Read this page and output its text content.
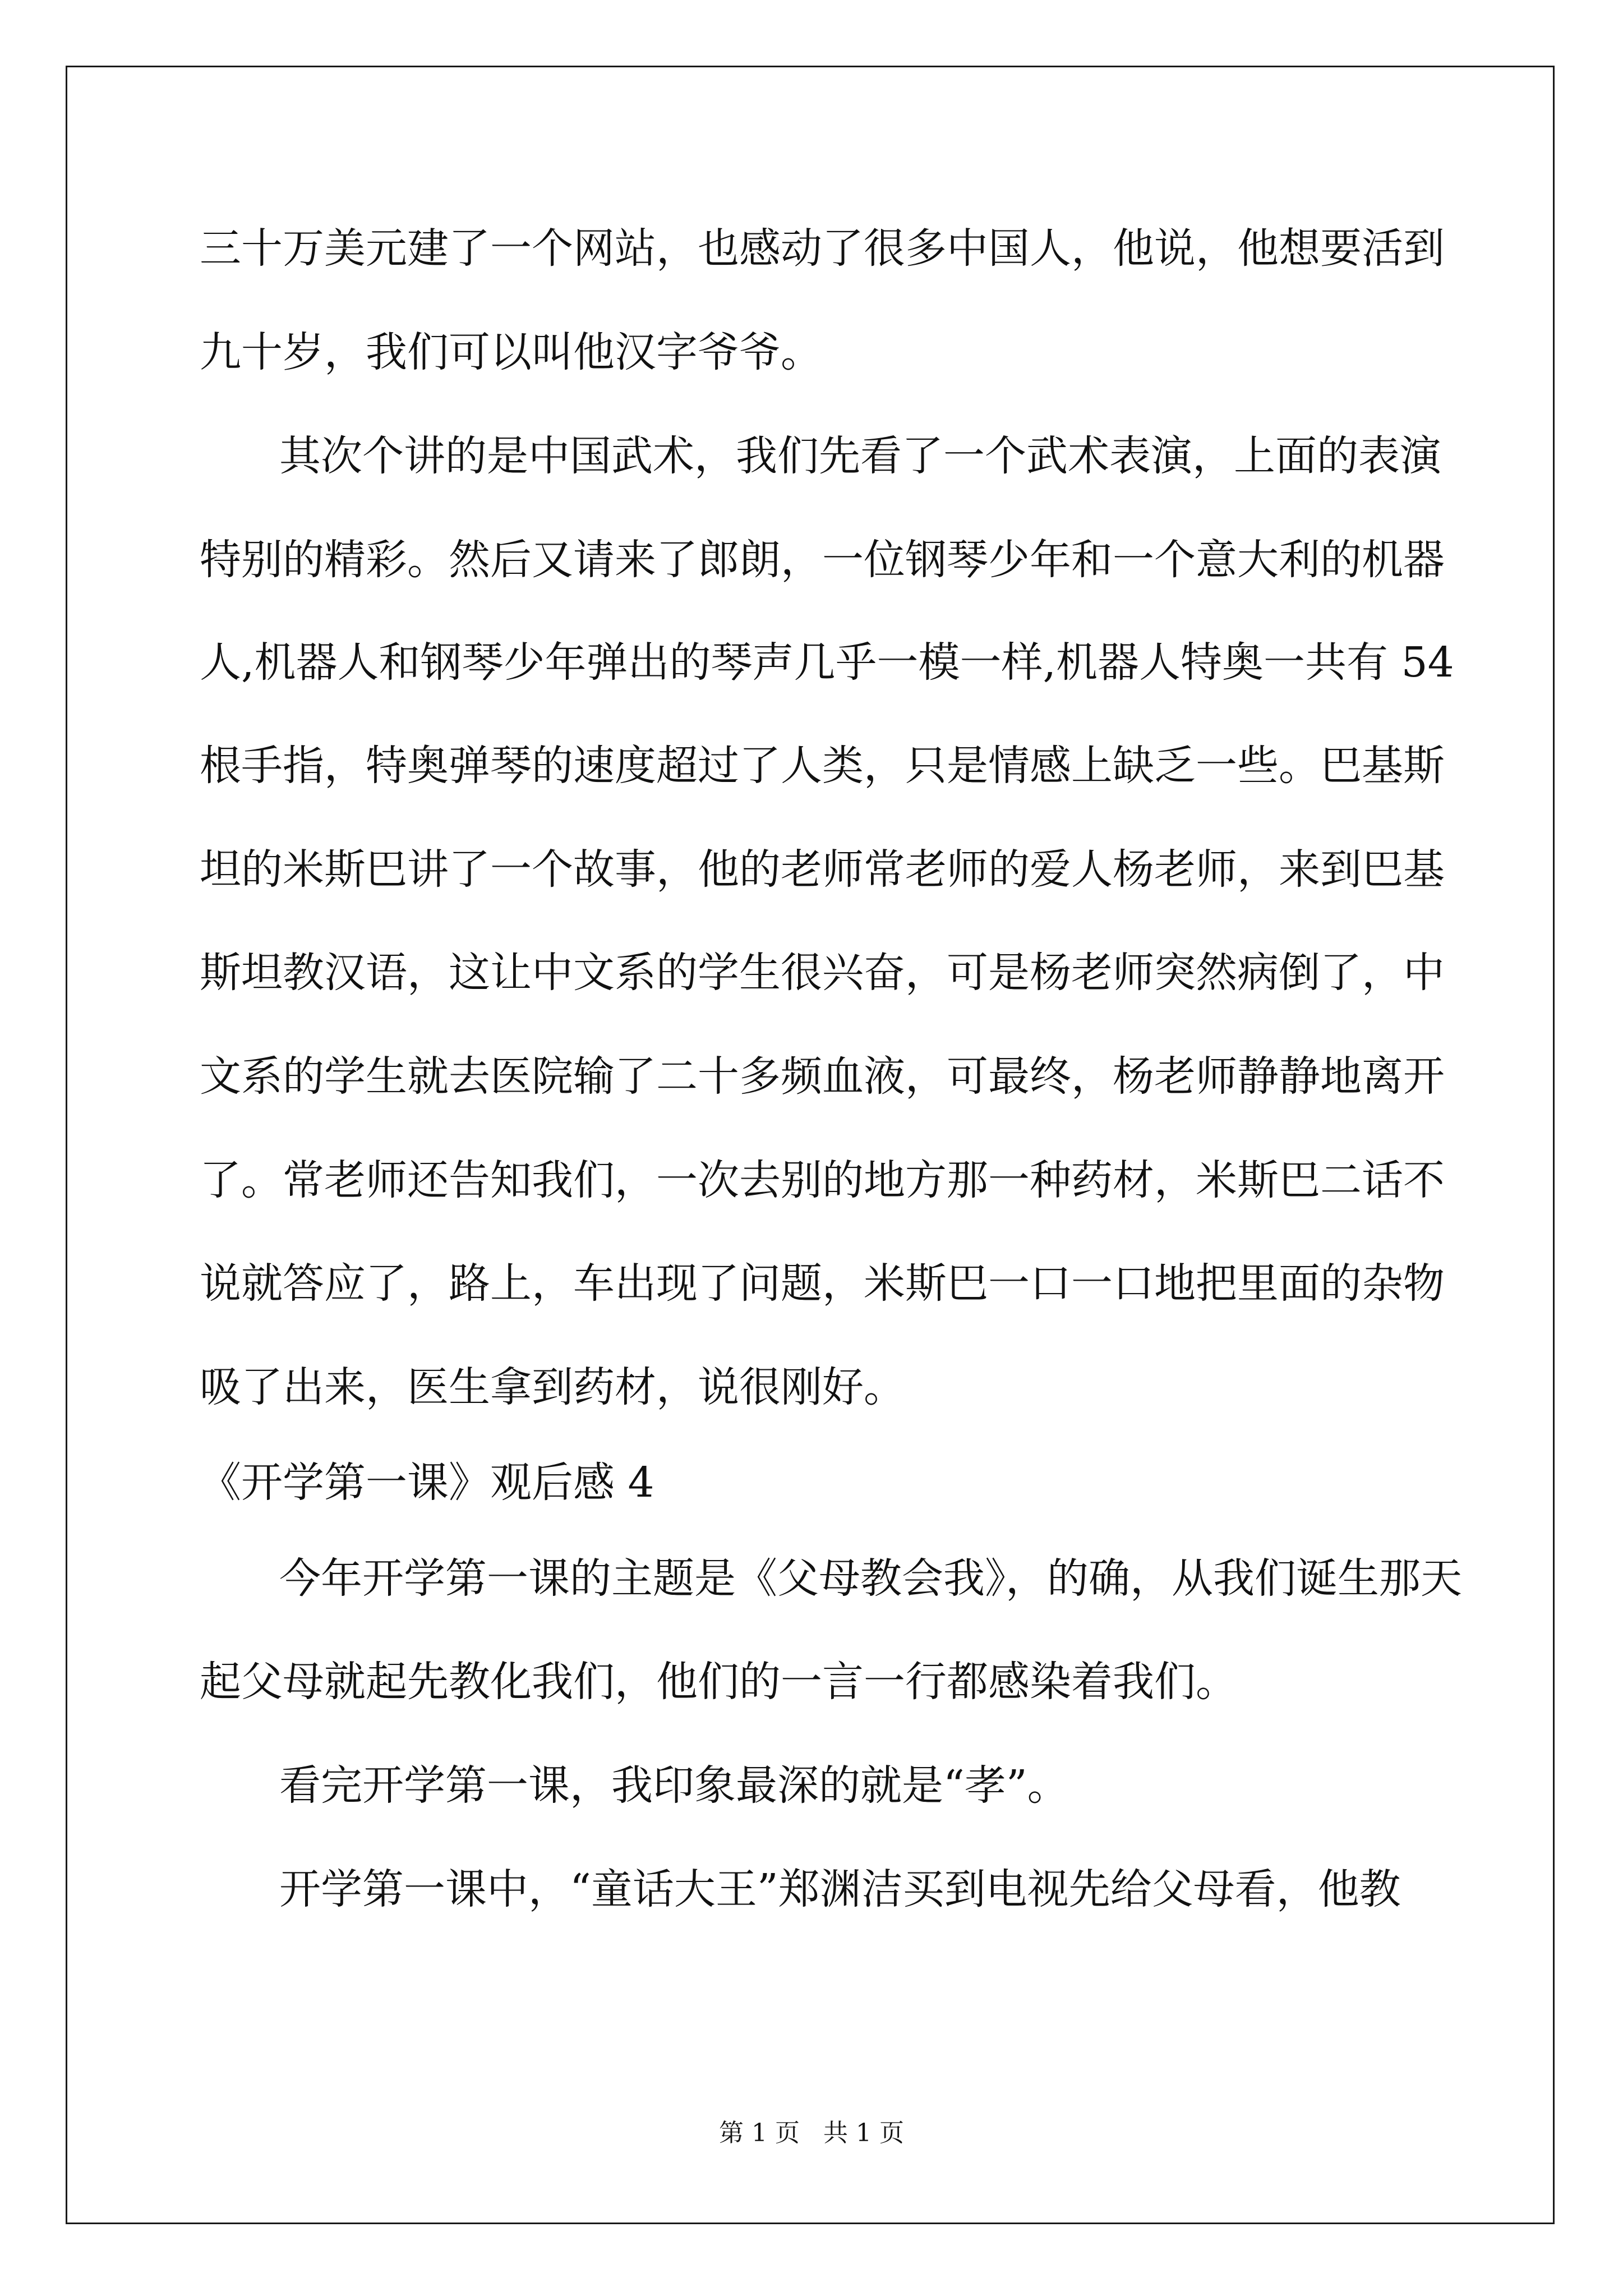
三十万美元建了一个网站，也感动了很多中国人，他说，他想要活到
九十岁，我们可以叫他汉字爷爷。
其次个讲的是中国武术，我们先看了一个武术表演，上面的表演
特别的精彩。然后又请来了郎朗，一位钢琴少年和一个意大利的机器
人,机器人和钢琴少年弹出的琴声几乎一模一样,机器人特奥一共有 54
根手指，特奥弹琴的速度超过了人类，只是情感上缺乏一些。巴基斯
坦的米斯巴讲了一个故事，他的老师常老师的爱人杨老师，来到巴基
斯坦教汉语，这让中文系的学生很兴奋，可是杨老师突然病倒了，中
文系的学生就去医院输了二十多频血液，可最终，杨老师静静地离开
了。常老师还告知我们，一次去别的地方那一种药材，米斯巴二话不
说就答应了，路上，车出现了问题，米斯巴一口一口地把里面的杂物
吸了出来，医生拿到药材，说很刚好。
《开学第一课》观后感 4
今年开学第一课的主题是《父母教会我》，的确，从我们诞生那天
起父母就起先教化我们，他们的一言一行都感染着我们。
看完开学第一课，我印象最深的就是“孝”。
开学第一课中，“童话大王”郑渊洁买到电视先给父母看，他教
第 1 页   共 1 页
